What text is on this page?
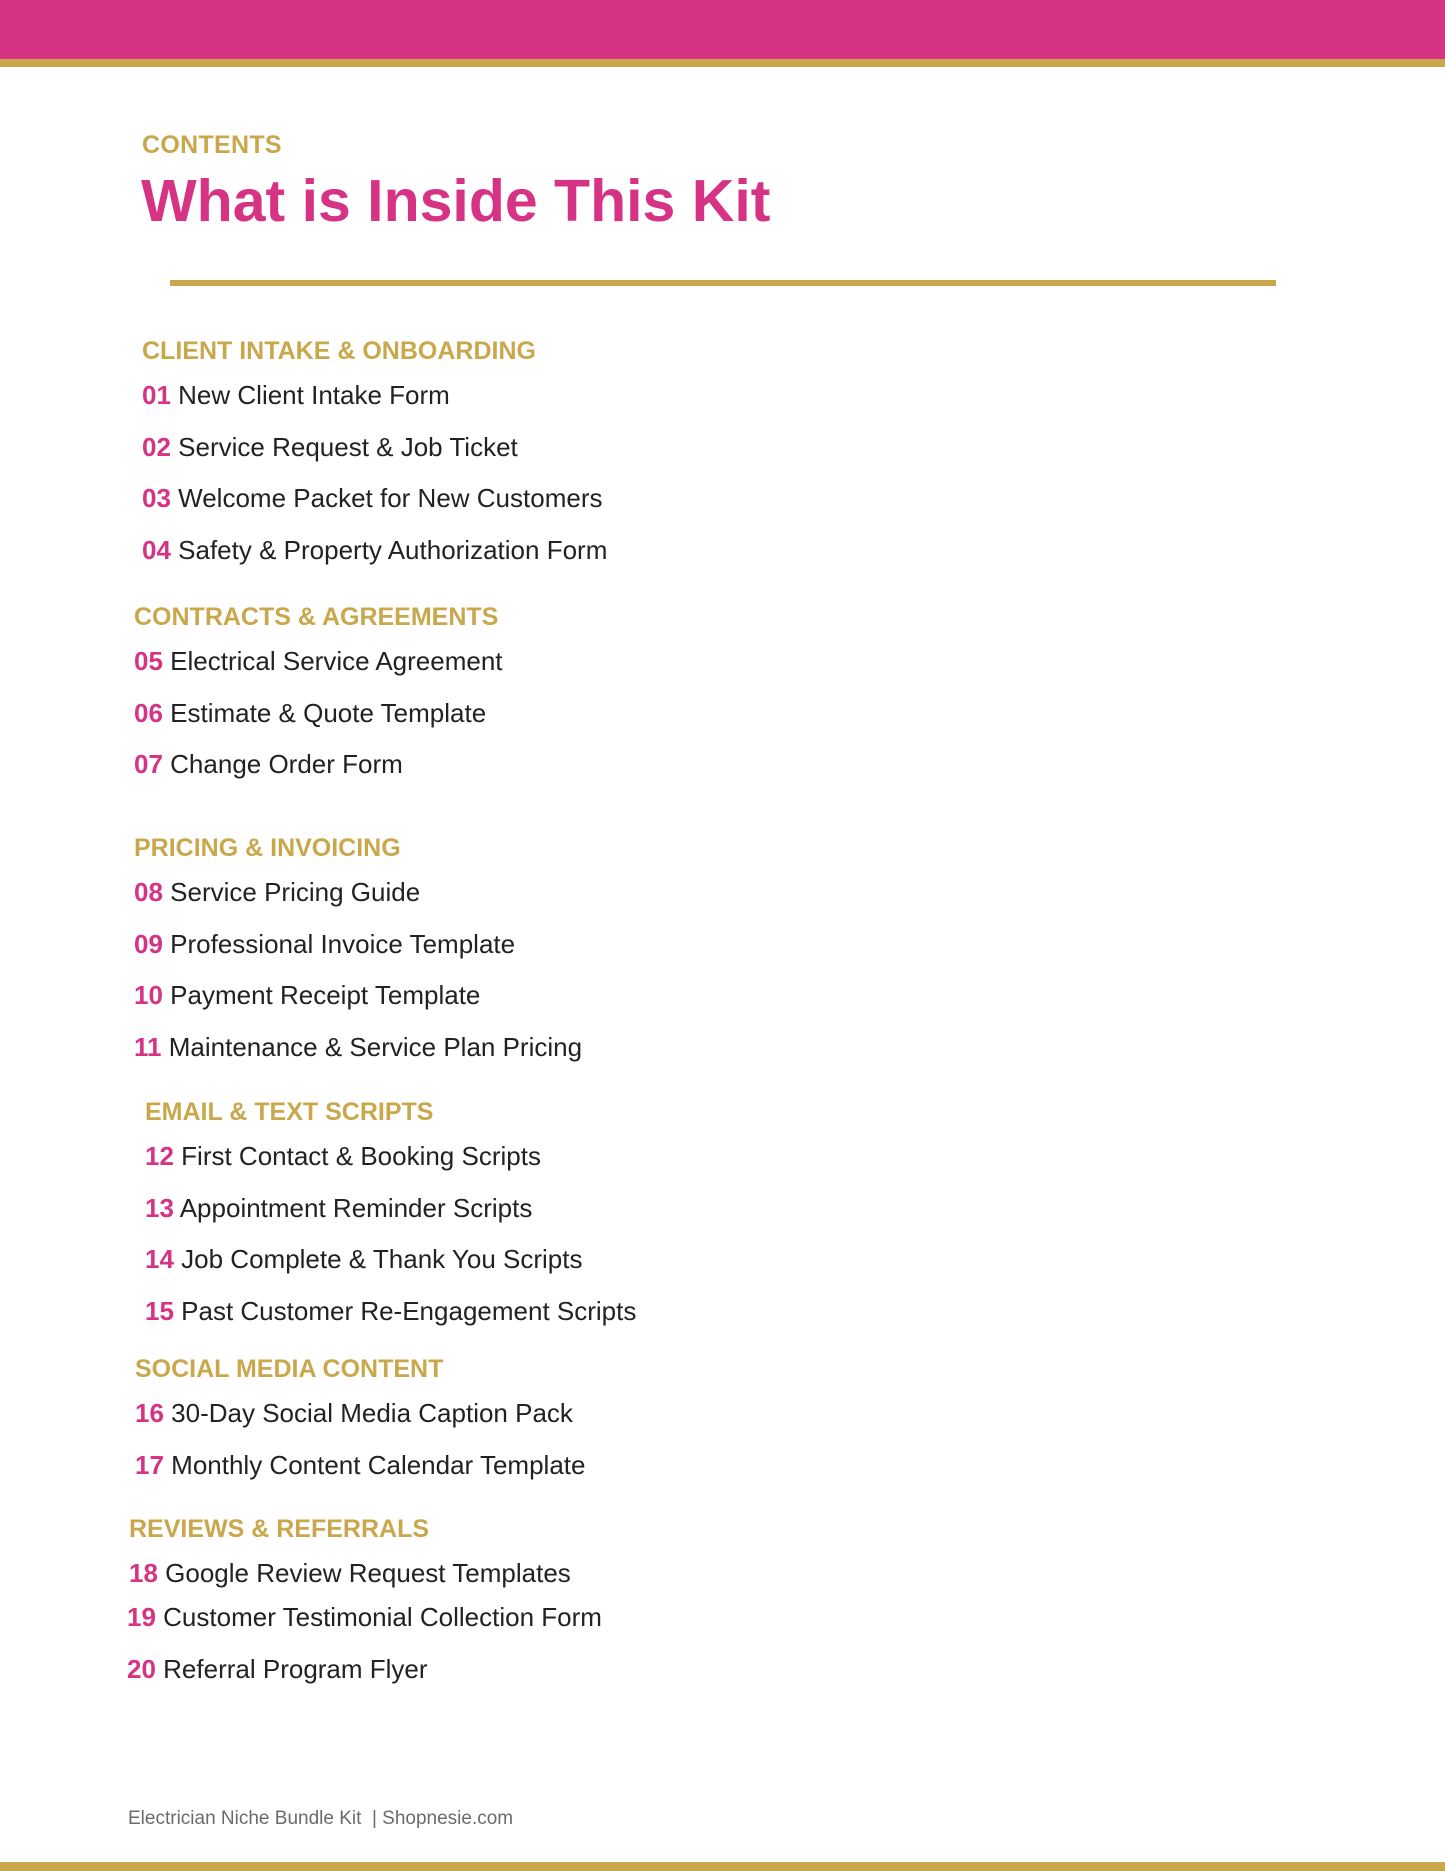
CONTENTS
What is Inside This Kit
CLIENT INTAKE & ONBOARDING
01 New Client Intake Form
02 Service Request & Job Ticket
03 Welcome Packet for New Customers
04 Safety & Property Authorization Form
CONTRACTS & AGREEMENTS
05 Electrical Service Agreement
06 Estimate & Quote Template
07 Change Order Form
PRICING & INVOICING
08 Service Pricing Guide
09 Professional Invoice Template
10 Payment Receipt Template
11 Maintenance & Service Plan Pricing
EMAIL & TEXT SCRIPTS
12 First Contact & Booking Scripts
13 Appointment Reminder Scripts
14 Job Complete & Thank You Scripts
15 Past Customer Re-Engagement Scripts
SOCIAL MEDIA CONTENT
16 30-Day Social Media Caption Pack
17 Monthly Content Calendar Template
REVIEWS & REFERRALS
18 Google Review Request Templates
19 Customer Testimonial Collection Form
20 Referral Program Flyer
Electrician Niche Bundle Kit  | Shopnesie.com
